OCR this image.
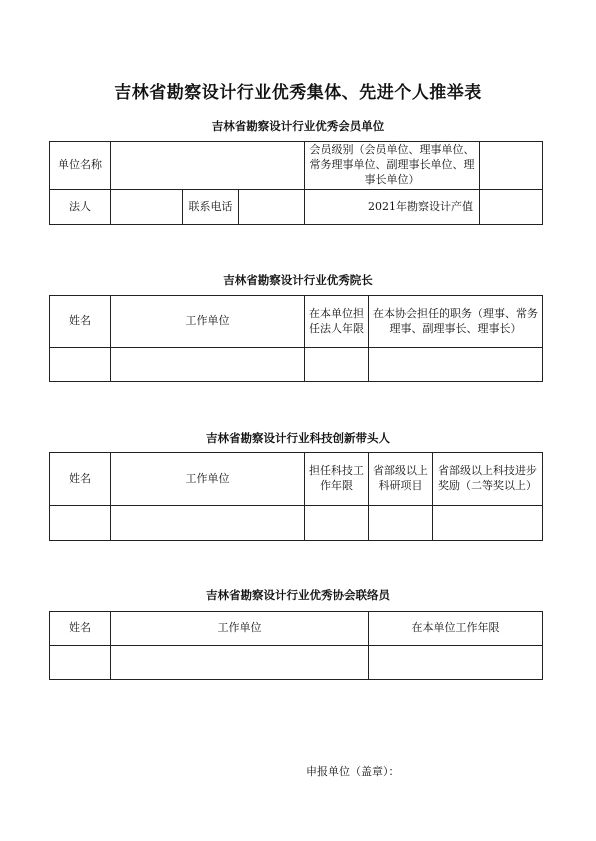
吉林省勘察设计行业优秀集体、先进个人推举表
吉林省勘察设计行业优秀会员单位
单位名称				会员级别（会员单位、理事单位、常务理事单位、副理事长单位、理事长单位）	
法人		联系电话		2021年勘察设计产值	
吉林省勘察设计行业优秀院长
姓名	工作单位	在本单位担任法人年限	在本协会担任的职务（理事、常务理事、副理事长、理事长）

吉林省勘察设计行业科技创新带头人
姓名	工作单位	担任科技工作年限	省部级以上科研项目	省部级以上科技进步奖励（二等奖以上）

吉林省勘察设计行业优秀协会联络员
姓名	工作单位	在本单位工作年限

申报单位（盖章）：
